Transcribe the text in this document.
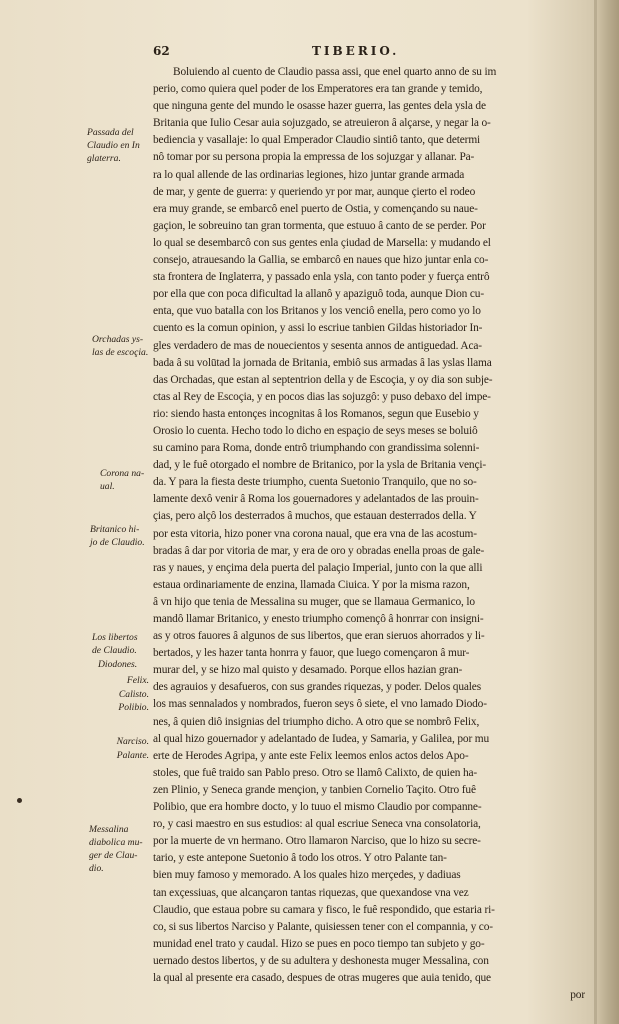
62	TIBERIO.
Boluiendo al cuento de Claudio passa assi, que enel quarto anno de su im
perio, como quiera quel poder de los Emperatores era tan grande y temido,
que ninguna gente del mundo le osasse hazer guerra, las gentes dela ysla de
Britania que Iulio Cesar auia sojuzgado, se atreuieron â alçarse, y negar la o-
bediencia y vasallaje: lo qual Emperador Claudio sintiô tanto, que determi
nô tomar por su persona propia la empressa de los sojuzgar y allanar. Pa-
ra lo qual allende de las ordinarias legiones, hizo juntar grande armada
de mar, y gente de guerra: y queriendo yr por mar, aunque çierto el rodeo
era muy grande, se embarcô enel puerto de Ostia, y començando su naue-
gaçion, le sobreuino tan gran tormenta, que estuuo â canto de se perder. Por
lo qual se desembarcô con sus gentes enla çiudad de Marsella: y mudando el
consejo, atrauesando la Gallia, se embarcô en naues que hizo juntar enla co-
sta frontera de Inglaterra, y passado enla ysla, con tanto poder y fuerça entrô
por ella que con poca dificultad la allanô y apaziguô toda, aunque Dion cu-
enta, que vuo batalla con los Britanos y los venciô enella, pero como yo lo
cuento es la comun opinion, y assi lo escriue tanbien Gildas historiador In-
gles verdadero de mas de nouecientos y sesenta annos de antiguedad. Aca-
bada â su volūtad la jornada de Britania, embiô sus armadas â las yslas llama
das Orchadas, que estan al septentrion della y de Escoçia, y oy dia son subje-
ctas al Rey de Escoçia, y en pocos dias las sojuzgô: y puso debaxo del impe-
rio: siendo hasta entonçes incognitas â los Romanos, segun que Eusebio y
Orosio lo cuenta. Hecho todo lo dicho en espaçio de seys meses se boluiô
su camino para Roma, donde entrô triumphando con grandissima solenni-
dad, y le fuê otorgado el nombre de Britanico, por la ysla de Britania vençi-
da. Y para la fiesta deste triumpho, cuenta Suetonio Tranquilo, que no so-
lamente dexô venir â Roma los gouernadores y adelantados de las prouin-
çias, pero alçô los desterrados â muchos, que estauan desterrados della. Y
por esta vitoria, hizo poner vna corona naual, que era vna de las acostum-
bradas â dar por vitoria de mar, y era de oro y obradas enella proas de gale-
ras y naues, y ençima dela puerta del palaçio Imperial, junto con la que alli
estaua ordinariamente de enzina, llamada Ciuica. Y por la misma razon,
â vn hijo que tenia de Messalina su muger, que se llamaua Germanico, lo
mandô llamar Britanico, y enesto triumpho començô â honrrar con insigni-
as y otros fauores â algunos de sus libertos, que eran sieruos ahorrados y li-
bertados, y les hazer tanta honrra y fauor, que luego començaron â mur-
murar del, y se hizo mal quisto y desamado. Porque ellos hazian gran-
des agrauios y desafueros, con sus grandes riquezas, y poder. Delos quales
los mas sennalados y nombrados, fueron seys ô siete, el vno lamado Diodo-
nes, â quien diô insignias del triumpho dicho. A otro que se nombrô Felix,
al qual hizo gouernador y adelantado de Iudea, y Samaria, y Galilea, por mu
erte de Herodes Agripa, y ante este Felix leemos enlos actos delos Apo-
stoles, que fuê traido san Pablo preso. Otro se llamô Calixto, de quien ha-
zen Plinio, y Seneca grande mençion, y tanbien Cornelio Taçito. Otro fuê
Polibio, que era hombre docto, y lo tuuo el mismo Claudio por companne-
ro, y casi maestro en sus estudios: al qual escriue Seneca vna consolatoria,
por la muerte de vn hermano. Otro llamaron Narciso, que lo hizo su secre-
tario, y este antepone Suetonio â todo los otros. Y otro Palante tan-
bien muy famoso y memorado. A los quales hizo merçedes, y dadiuas
tan exçessiuas, que alcançaron tantas riquezas, que quexandose vna vez
Claudio, que estaua pobre su camara y fisco, le fuê respondido, que estaria ri-
co, si sus libertos Narciso y Palante, quisiessen tener con el compannia, y co-
munidad enel trato y caudal. Hizo se pues en poco tiempo tan subjeto y go-
uernado destos libertos, y de su adultera y deshonesta muger Messalina, con
la qual al presente era casado, despues de otras mugeres que auia tenido, que
por
Passada del
Claudio en In
glaterra.
Orchadas ys-
las de escoçia.
Corona na-
ual.
Britanico hi-
jo de Claudio.
Los libertos
de Claudio.
Diodones.
Felix.
Calisto.
Polibio.
Narciso.
Palante.
Messalina
diabolica mu-
ger de Clau-
dio.
